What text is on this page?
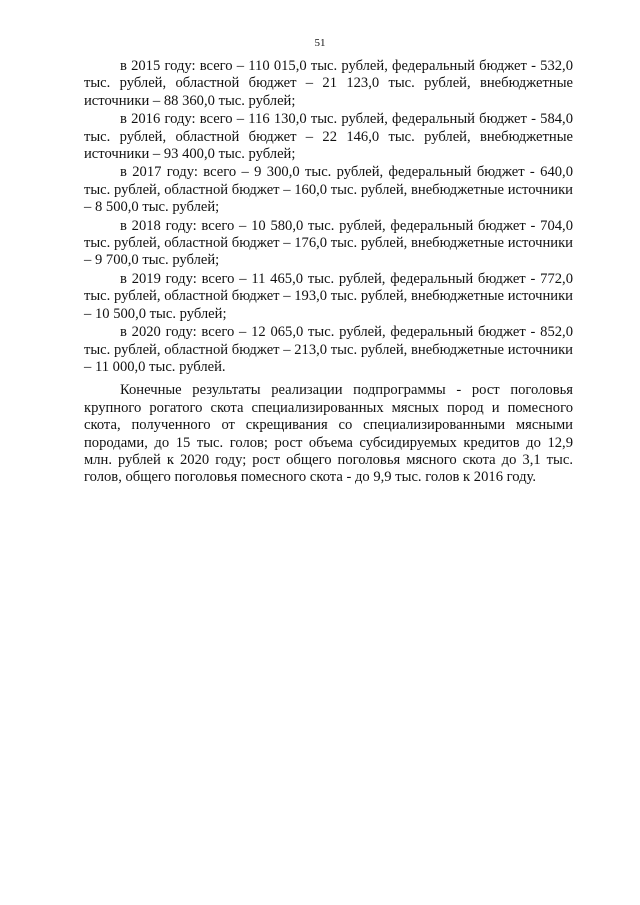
51

в 2015 году: всего – 110 015,0 тыс. рублей, федеральный бюджет - 532,0 тыс. рублей, областной бюджет – 21 123,0 тыс. рублей, внебюджетные источники – 88 360,0 тыс. рублей;

в 2016 году: всего – 116 130,0 тыс. рублей, федеральный бюджет - 584,0 тыс. рублей, областной бюджет – 22 146,0 тыс. рублей, внебюджетные источники – 93 400,0 тыс. рублей;

в 2017 году: всего – 9 300,0 тыс. рублей, федеральный бюджет - 640,0 тыс. рублей, областной бюджет – 160,0 тыс. рублей, внебюджетные источники – 8 500,0 тыс. рублей;

в 2018 году: всего – 10 580,0 тыс. рублей, федеральный бюджет - 704,0 тыс. рублей, областной бюджет – 176,0 тыс. рублей, внебюджетные источники – 9 700,0 тыс. рублей;

в 2019 году: всего – 11 465,0 тыс. рублей, федеральный бюджет - 772,0 тыс. рублей, областной бюджет – 193,0 тыс. рублей, внебюджетные источники – 10 500,0 тыс. рублей;

в 2020 году: всего – 12 065,0 тыс. рублей, федеральный бюджет - 852,0 тыс. рублей, областной бюджет – 213,0 тыс. рублей, внебюджетные источники – 11 000,0 тыс. рублей.

Конечные результаты реализации подпрограммы - рост поголовья крупного рогатого скота специализированных мясных пород и помесного скота, полученного от скрещивания со специализированными мясными породами, до 15 тыс. голов; рост объема субсидируемых кредитов до 12,9 млн. рублей к 2020 году; рост общего поголовья мясного скота до 3,1 тыс. голов, общего поголовья помесного скота - до 9,9 тыс. голов к 2016 году.
